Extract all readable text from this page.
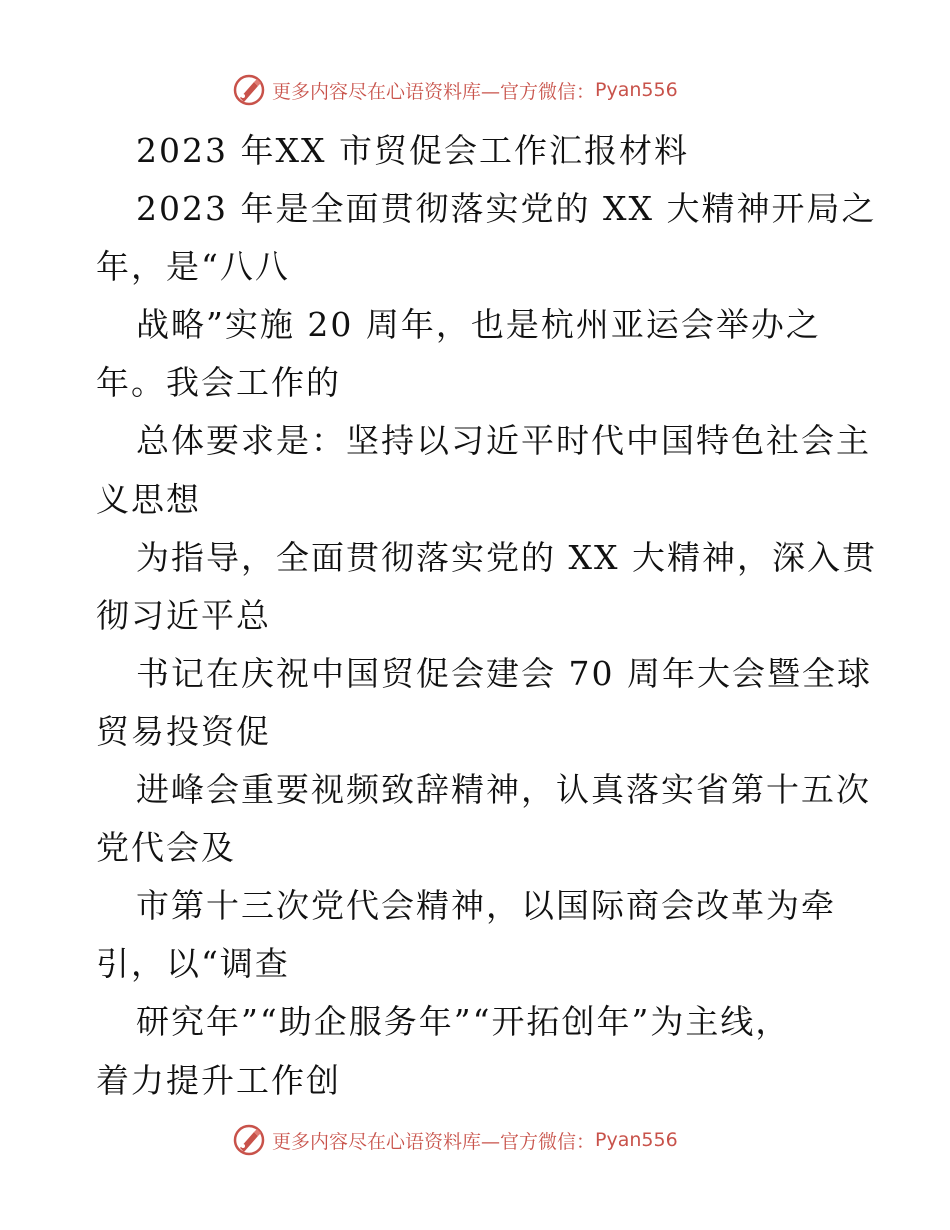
更多内容尽在心语资料库—官方微信： Pyan556
2023 年XX 市贸促会工作汇报材料
2023 年是全面贯彻落实党的 XX 大精神开局之
年，是“八八
战略”实施 20 周年，也是杭州亚运会举办之
年。我会工作的
总体要求是：坚持以习近平时代中国特色社会主
义思想
为指导，全面贯彻落实党的 XX 大精神，深入贯
彻习近平总
书记在庆祝中国贸促会建会 70 周年大会暨全球
贸易投资促
进峰会重要视频致辞精神，认真落实省第十五次
党代会及
市第十三次党代会精神，以国际商会改革为牵
引，以“调查
研究年”“助企服务年”“开拓创年”为主线，
着力提升工作创
更多内容尽在心语资料库—官方微信： Pyan556
